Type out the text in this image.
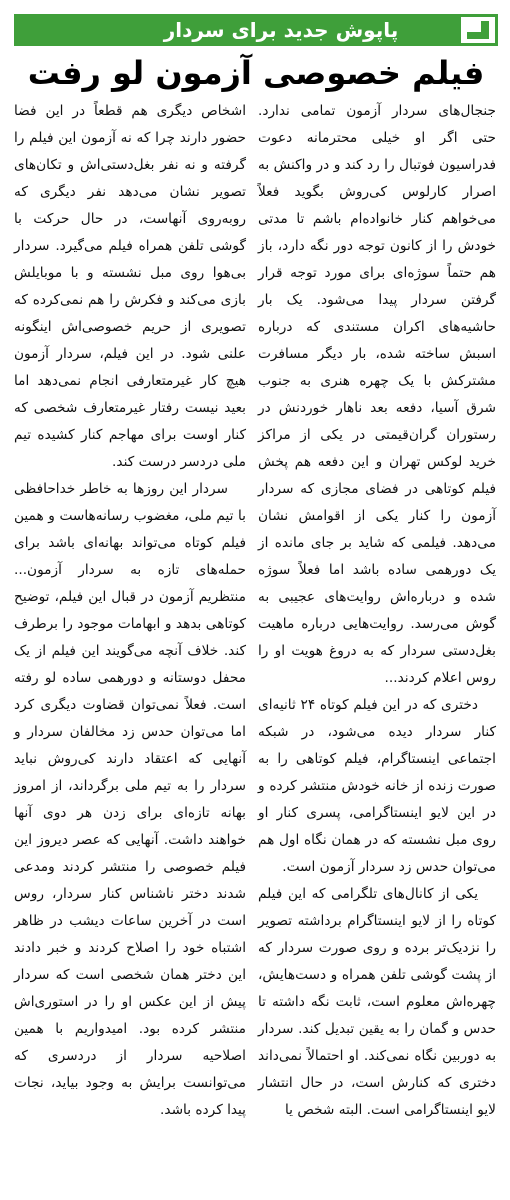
پاپوش جدید برای سردار
فیلم خصوصی آزمون لو رفت

جنجال‌های سردار آزمون تمامی ندارد. حتی اگر او خیلی محترمانه دعوت فدراسیون فوتبال را رد کند و در واکنش به اصرار کارلوس کی‌روش بگوید فعلاً می‌خواهم کنار خانواده‌ام باشم تا مدتی خودش را از کانون توجه دور نگه دارد، باز هم حتماً سوژه‌ای برای مورد توجه قرار گرفتن سردار پیدا می‌شود. یک بار حاشیه‌های اکران مستندی که درباره اسبش ساخته شده، بار دیگر مسافرت مشترکش با یک چهره هنری به جنوب شرق آسیا، دفعه بعد ناهار خوردنش در رستوران گران‌قیمتی در یکی از مراکز خرید لوکس تهران و این دفعه هم پخش فیلم کوتاهی در فضای مجازی که سردار آزمون را کنار یکی از اقوامش نشان می‌دهد. فیلمی که شاید بر جای مانده از یک دورهمی ساده باشد اما فعلاً سوژه شده و درباره‌اش روایت‌های عجیبی به گوش می‌رسد. روایت‌هایی درباره ماهیت بغل‌دستی سردار که به دروغ هویت او را روس اعلام کردند...

دختری که در این فیلم کوتاه ۲۴ ثانیه‌ای کنار سردار دیده می‌شود، در شبکه اجتماعی اینستاگرام، فیلم کوتاهی را به صورت زنده از خانه خودش منتشر کرده و در این لایو اینستاگرامی، پسری کنار او روی مبل نشسته که در همان نگاه اول هم می‌توان حدس زد سردار آزمون است.

یکی از کانال‌های تلگرامی که این فیلم کوتاه را از لایو اینستاگرام برداشته تصویر را نزدیک‌تر برده و روی صورت سردار که از پشت گوشی تلفن همراه و دست‌هایش، چهره‌اش معلوم است، ثابت نگه داشته تا حدس و گمان را به یقین تبدیل کند. سردار به دوربین نگاه نمی‌کند. او احتمالاً نمی‌داند دختری که کنارش است، در حال انتشار لایو اینستاگرامی است. البته شخص یا

اشخاص دیگری هم قطعاً در این فضا حضور دارند چرا که نه آزمون این فیلم را گرفته و نه نفر بغل‌دستی‌اش و تکان‌های تصویر نشان می‌دهد نفر دیگری که روبه‌روی آنهاست، در حال حرکت با گوشی تلفن همراه فیلم می‌گیرد. سردار بی‌هوا روی مبل نشسته و با موبایلش بازی می‌کند و فکرش را هم نمی‌کرده که تصویری از حریم خصوصی‌اش اینگونه علنی شود. در این فیلم، سردار آزمون هیچ کار غیرمتعارفی انجام نمی‌دهد اما بعید نیست رفتار غیرمتعارف شخصی که کنار اوست برای مهاجم کنار کشیده تیم ملی دردسر درست کند.

سردار این روزها به خاطر خداحافظی با تیم ملی، مغضوب رسانه‌هاست و همین فیلم کوتاه می‌تواند بهانه‌ای باشد برای حمله‌های تازه به سردار آزمون... منتظریم آزمون در قبال این فیلم، توضیح کوتاهی بدهد و ابهامات موجود را برطرف کند. خلاف آنچه می‌گویند این فیلم از یک محفل دوستانه و دورهمی ساده لو رفته است. فعلاً نمی‌توان قضاوت دیگری کرد اما می‌توان حدس زد مخالفان سردار و آنهایی که اعتقاد دارند کی‌روش نباید سردار را به تیم ملی برگرداند، از امروز بهانه تازه‌ای برای زدن هر دوی آنها خواهند داشت. آنهایی که عصر دیروز این فیلم خصوصی را منتشر کردند ومدعی شدند دختر ناشناس کنار سردار، روس است در آخرین ساعات دیشب در ظاهر اشتباه خود را اصلاح کردند و خبر دادند این دختر همان شخصی است که سردار پیش از این عکس او را در استوری‌اش منتشر کرده بود. امیدواریم با همین اصلاحیه سردار از دردسری که می‌توانست برایش به وجود بیاید، نجات پیدا کرده باشد.
